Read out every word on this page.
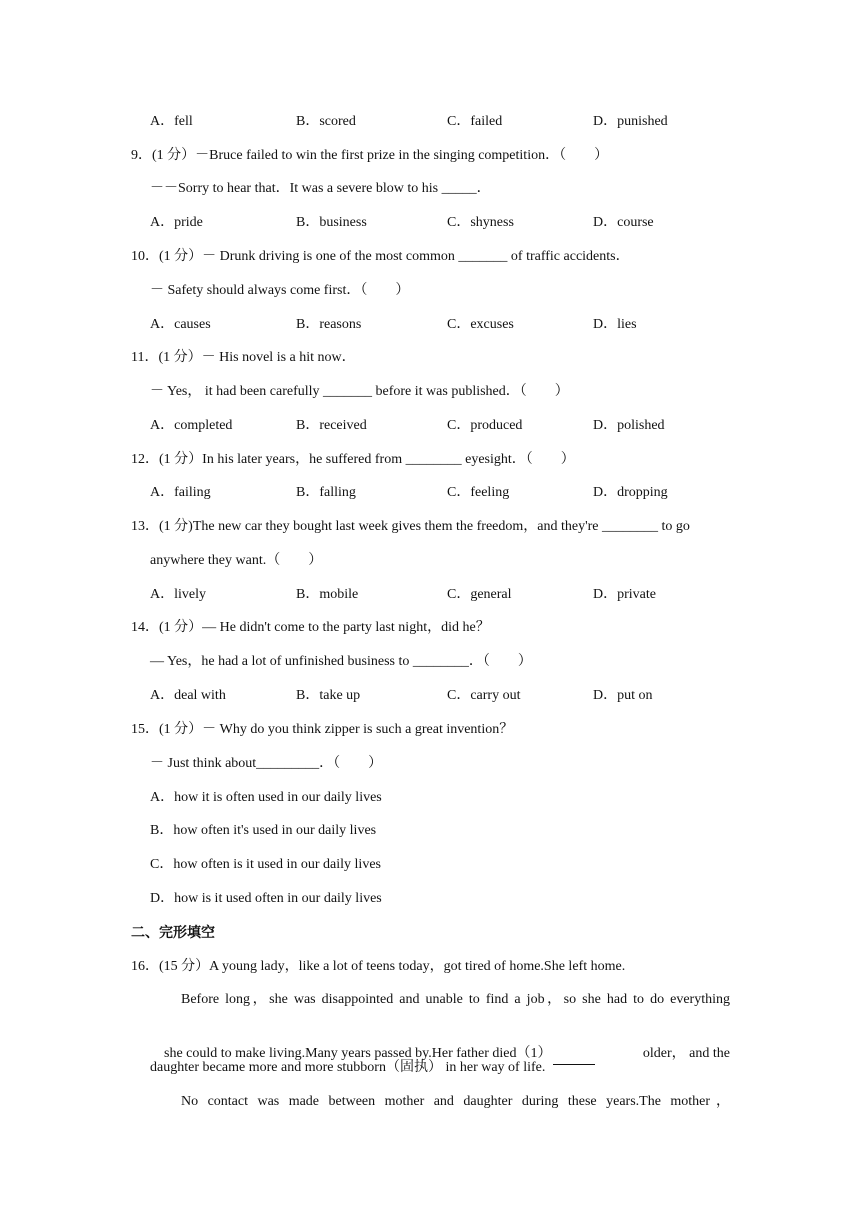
A．fell	B．scored	C．failed	D．punished
9．(1 分）－Bruce failed to win the first prize in the singing competition．（　　）
－－Sorry to hear that．It was a severe blow to his _____．
A．pride	B．business	C．shyness	D．course
10．(1 分）－ Drunk driving is one of the most common _______ of traffic accidents．
－ Safety should always come first．（　　）
A．causes	B．reasons	C．excuses	D．lies
11．(1 分）－ His novel is a hit now．
－ Yes， it had been carefully _______ before it was published．（　　）
A．completed	B．received	C．produced	D．polished
12．(1 分）In his later years，he suffered from ________ eyesight．（　　）
A．failing	B．falling	C．feeling	D．dropping
13．(1 分)The new car they bought last week gives them the freedom，and they're ________ to go
anywhere they want.（　　）
A．lively	B．mobile	C．general	D．private
14．(1 分）— He didn't come to the party last night，did he？
— Yes，he had a lot of unfinished business to ________．（　　）
A．deal with	B．take up	C．carry out	D．put on
15．(1 分）－ Why do you think zipper is such a great invention？
－ Just think about_________．（　　）
A．how it is often used in our daily lives
B．how often it's used in our daily lives
C．how often is it used in our daily lives
D．how is it used often in our daily lives
二、完形填空
16．(15 分）A young lady，like a lot of teens today，got tired of home.She left home.
Before long，she was disappointed and unable to find a job，so she had to do everything

she could to make living.Many years passed by.Her father died（1）	older， and the

daughter became more and more stubborn（固执） in her way of life.
No contact was made between mother and daughter during these years.The mother，
